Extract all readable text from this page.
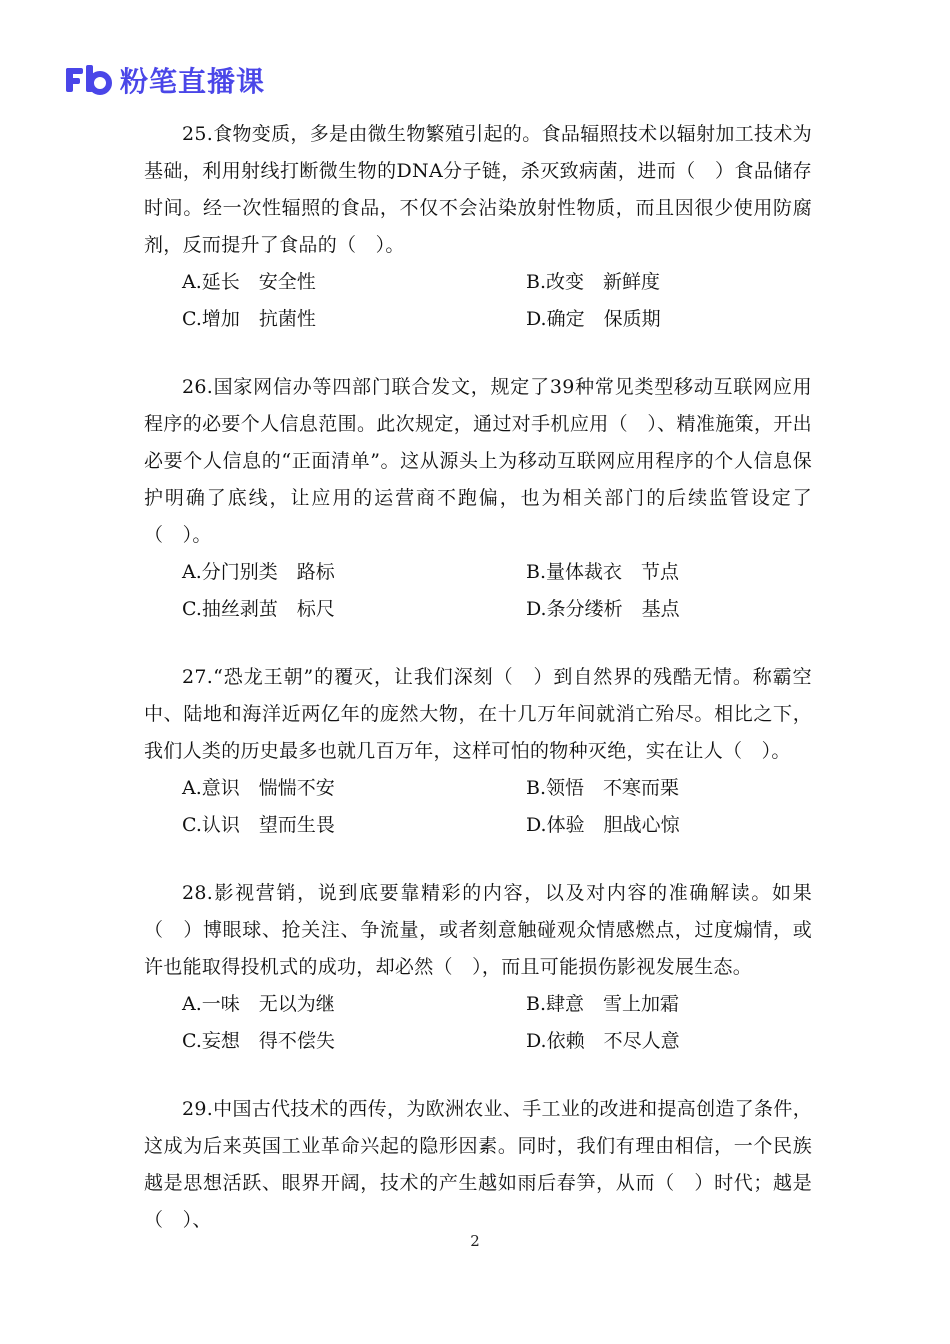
粉笔直播课

25.食物变质，多是由微生物繁殖引起的。食品辐照技术以辐射加工技术为基础，利用射线打断微生物的DNA分子链，杀灭致病菌，进而（　）食品储存时间。经一次性辐照的食品，不仅不会沾染放射性物质，而且因很少使用防腐剂，反而提升了食品的（　）。

A.延长　安全性	B.改变　新鲜度
C.增加　抗菌性	D.确定　保质期

26.国家网信办等四部门联合发文，规定了39种常见类型移动互联网应用程序的必要个人信息范围。此次规定，通过对手机应用（　）、精准施策，开出必要个人信息的“正面清单”。这从源头上为移动互联网应用程序的个人信息保护明确了底线，让应用的运营商不跑偏，也为相关部门的后续监管设定了（　）。

A.分门别类　路标	B.量体裁衣　节点
C.抽丝剥茧　标尺	D.条分缕析　基点

27.“恐龙王朝”的覆灭，让我们深刻（　）到自然界的残酷无情。称霸空中、陆地和海洋近两亿年的庞然大物，在十几万年间就消亡殆尽。相比之下，我们人类的历史最多也就几百万年，这样可怕的物种灭绝，实在让人（　）。

A.意识　惴惴不安	B.领悟　不寒而栗
C.认识　望而生畏	D.体验　胆战心惊

28.影视营销，说到底要靠精彩的内容，以及对内容的准确解读。如果（　）博眼球、抢关注、争流量，或者刻意触碰观众情感燃点，过度煽情，或许也能取得投机式的成功，却必然（　），而且可能损伤影视发展生态。

A.一味　无以为继	B.肆意　雪上加霜
C.妄想　得不偿失	D.依赖　不尽人意

29.中国古代技术的西传，为欧洲农业、手工业的改进和提高创造了条件，这成为后来英国工业革命兴起的隐形因素。同时，我们有理由相信，一个民族越是思想活跃、眼界开阔，技术的产生越如雨后春笋，从而（　）时代；越是（　）、

2
